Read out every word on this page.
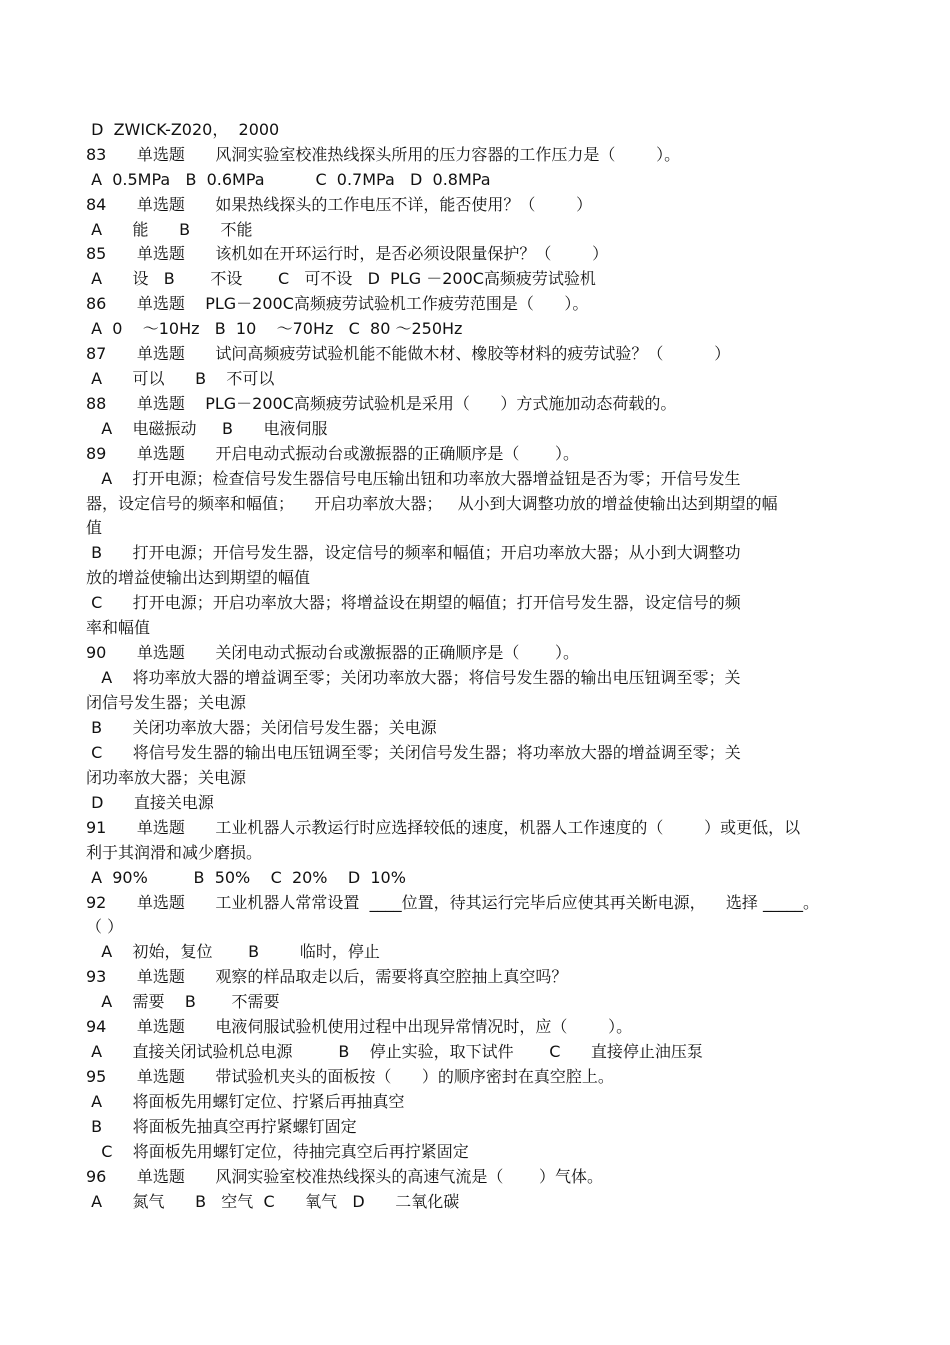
D  ZWICK-Z020，  2000
83      单选题      风洞实验室校准热线探头所用的压力容器的工作压力是（        ）。
A  0.5MPa   B  0.6MPa          C  0.7MPa   D  0.8MPa
84      单选题      如果热线探头的工作电压不详，能否使用？（        ）
A      能      B      不能
85      单选题      该机如在开环运行时，是否必须设限量保护？（        ）
A      设   B       不设       C   可不设   D  PLG －200C高频疲劳试验机
86      单选题    PLG－200C高频疲劳试验机工作疲劳范围是（      ）。
A  0    ～10Hz   B  10    ～70Hz   C  80 ～250Hz
87      单选题      试问高频疲劳试验机能不能做木材、橡胶等材料的疲劳试验？（          ）
A      可以      B    不可以
88      单选题    PLG－200C高频疲劳试验机是采用（      ）方式施加动态荷载的。
A    电磁振动     B      电液伺服
89      单选题      开启电动式振动台或激振器的正确顺序是（       ）。
A    打开电源；检查信号发生器信号电压输出钮和功率放大器增益钮是否为零；开信号发生
器，设定信号的频率和幅值；    开启功率放大器；   从小到大调整功放的增益使输出达到期望的幅
值
B      打开电源；开信号发生器，设定信号的频率和幅值；开启功率放大器；从小到大调整功
放的增益使输出达到期望的幅值
C      打开电源；开启功率放大器；将增益设在期望的幅值；打开信号发生器，设定信号的频
率和幅值
90      单选题      关闭电动式振动台或激振器的正确顺序是（       ）。
A    将功率放大器的增益调至零；关闭功率放大器；将信号发生器的输出电压钮调至零；关
闭信号发生器；关电源
B      关闭功率放大器；关闭信号发生器；关电源
C      将信号发生器的输出电压钮调至零；关闭信号发生器；将功率放大器的增益调至零；关
闭功率放大器；关电源
D      直接关电源
91      单选题      工业机器人示教运行时应选择较低的速度，机器人工作速度的（        ）或更低，以
利于其润滑和减少磨损。
A  90%         B  50%    C  20%    D  10%
92      单选题      工业机器人常常设置  ____位置，待其运行完毕后应使其再关断电源，    选择 _____。
（ ）
A    初始，复位       B        临时，停止
93      单选题      观察的样品取走以后，需要将真空腔抽上真空吗？
A    需要    B       不需要
94      单选题      电液伺服试验机使用过程中出现异常情况时，应（        ）。
A      直接关闭试验机总电源         B    停止实验，取下试件       C      直接停止油压泵
95      单选题      带试验机夹头的面板按（      ）的顺序密封在真空腔上。
A      将面板先用螺钉定位、拧紧后再抽真空
B      将面板先抽真空再拧紧螺钉固定
C    将面板先用螺钉定位，待抽完真空后再拧紧固定
96      单选题      风洞实验室校准热线探头的高速气流是（       ）气体。
A      氮气      B   空气  C      氧气   D      二氧化碳
